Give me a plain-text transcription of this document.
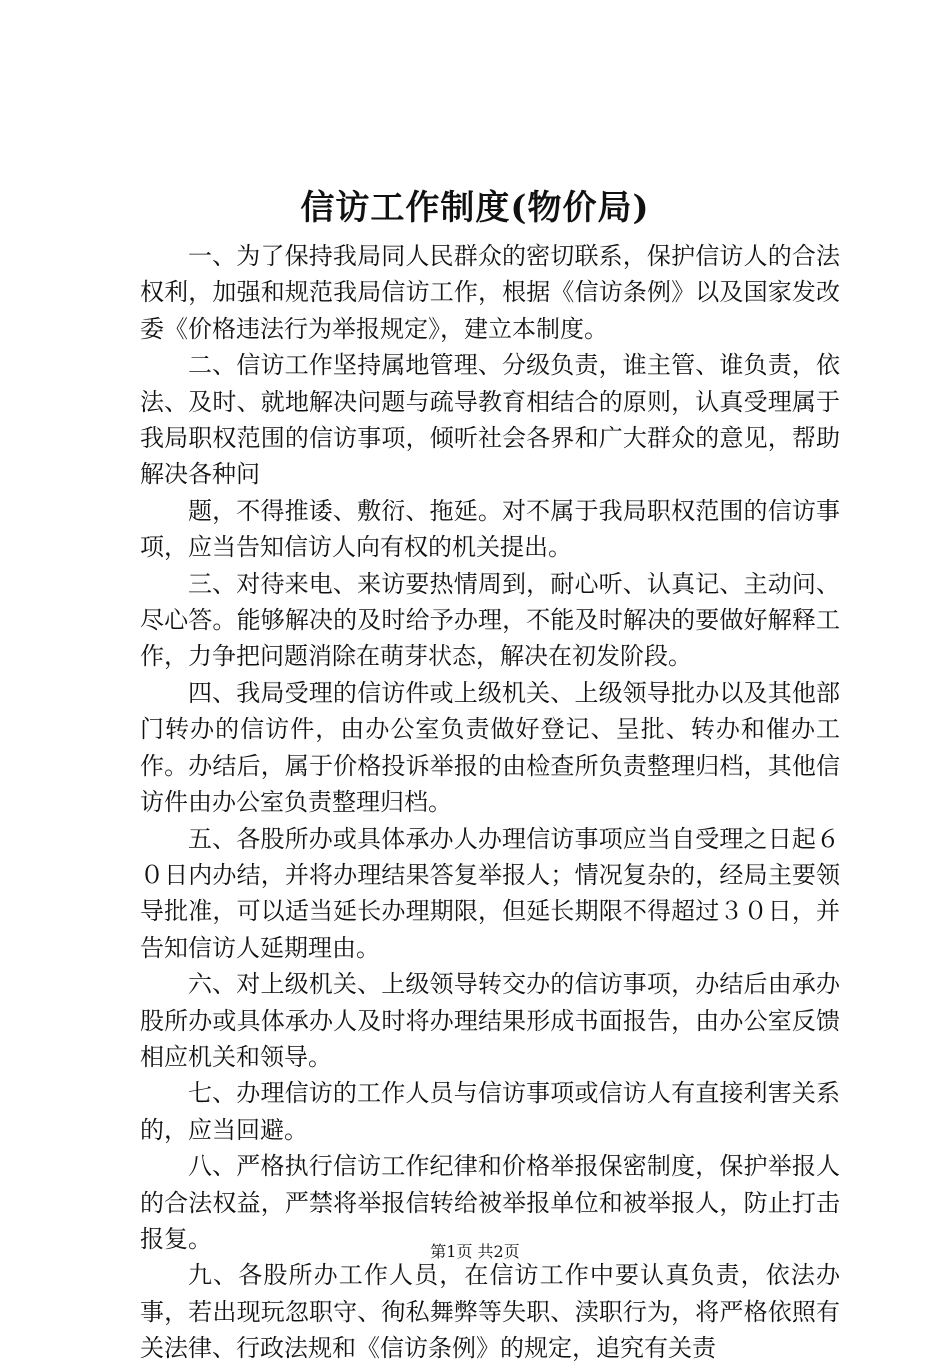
信访工作制度(物价局)

一、为了保持我局同人民群众的密切联系，保护信访人的合法权利，加强和规范我局信访工作，根据《信访条例》以及国家发改委《价格违法行为举报规定》，建立本制度。

二、信访工作坚持属地管理、分级负责，谁主管、谁负责，依法、及时、就地解决问题与疏导教育相结合的原则，认真受理属于我局职权范围的信访事项，倾听社会各界和广大群众的意见，帮助解决各种问

题，不得推诿、敷衍、拖延。对不属于我局职权范围的信访事项，应当告知信访人向有权的机关提出。

三、对待来电、来访要热情周到，耐心听、认真记、主动问、尽心答。能够解决的及时给予办理，不能及时解决的要做好解释工作，力争把问题消除在萌芽状态，解决在初发阶段。

四、我局受理的信访件或上级机关、上级领导批办以及其他部门转办的信访件，由办公室负责做好登记、呈批、转办和催办工作。办结后，属于价格投诉举报的由检查所负责整理归档，其他信访件由办公室负责整理归档。

五、各股所办或具体承办人办理信访事项应当自受理之日起６０日内办结，并将办理结果答复举报人；情况复杂的，经局主要领导批准，可以适当延长办理期限，但延长期限不得超过３０日，并告知信访人延期理由。

六、对上级机关、上级领导转交办的信访事项，办结后由承办股所办或具体承办人及时将办理结果形成书面报告，由办公室反馈相应机关和领导。

七、办理信访的工作人员与信访事项或信访人有直接利害关系的，应当回避。

八、严格执行信访工作纪律和价格举报保密制度，保护举报人的合法权益，严禁将举报信转给被举报单位和被举报人，防止打击报复。

九、各股所办工作人员，在信访工作中要认真负责，依法办事，若出现玩忽职守、徇私舞弊等失职、渎职行为，将严格依照有关法律、行政法规和《信访条例》的规定，追究有关责

第1页 共2页
